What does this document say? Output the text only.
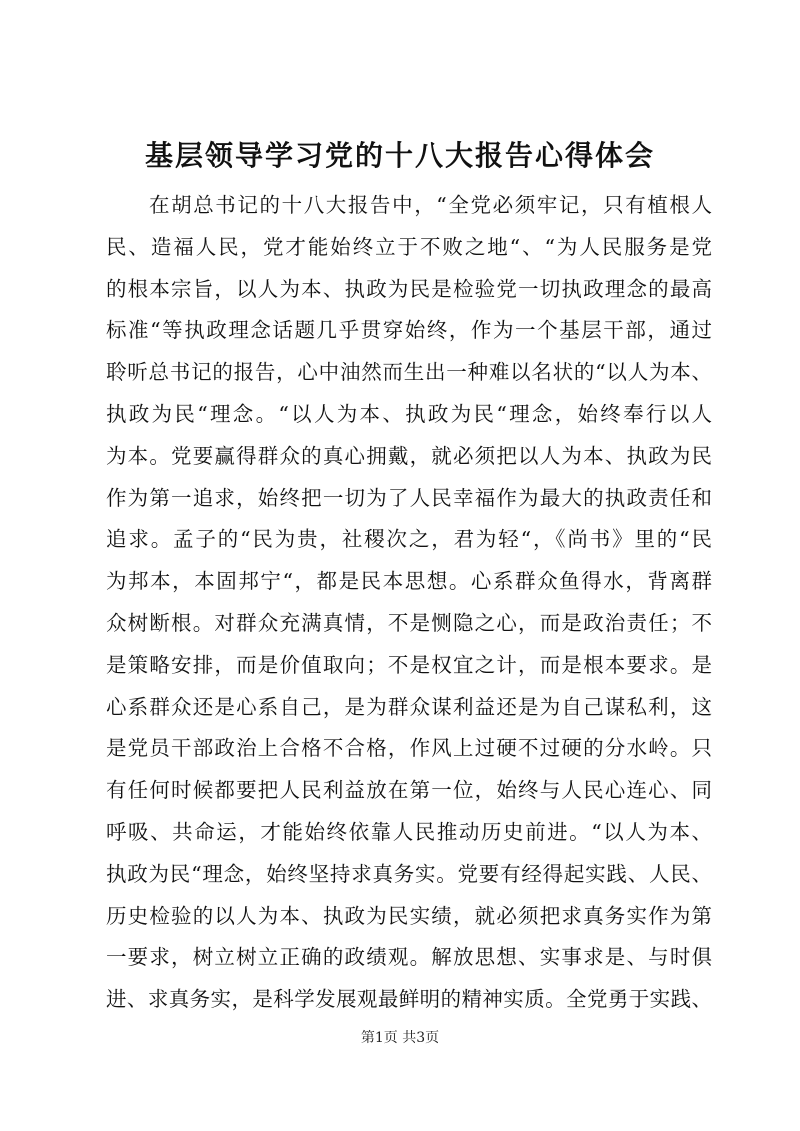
基层领导学习党的十八大报告心得体会
在胡总书记的十八大报告中，“全党必须牢记，只有植根人
民、造福人民，党才能始终立于不败之地“、“为人民服务是党
的根本宗旨，以人为本、执政为民是检验党一切执政理念的最高
标准“等执政理念话题几乎贯穿始终，作为一个基层干部，通过
聆听总书记的报告，心中油然而生出一种难以名状的“以人为本、
执政为民“理念。“以人为本、执政为民“理念，始终奉行以人
为本。党要赢得群众的真心拥戴，就必须把以人为本、执政为民
作为第一追求，始终把一切为了人民幸福作为最大的执政责任和
追求。孟子的“民为贵，社稷次之，君为轻“，《尚书》里的“民
为邦本，本固邦宁“，都是民本思想。心系群众鱼得水，背离群
众树断根。对群众充满真情，不是恻隐之心，而是政治责任；不
是策略安排，而是价值取向；不是权宜之计，而是根本要求。是
心系群众还是心系自己，是为群众谋利益还是为自己谋私利，这
是党员干部政治上合格不合格，作风上过硬不过硬的分水岭。只
有任何时候都要把人民利益放在第一位，始终与人民心连心、同
呼吸、共命运，才能始终依靠人民推动历史前进。“以人为本、
执政为民“理念，始终坚持求真务实。党要有经得起实践、人民、
历史检验的以人为本、执政为民实绩，就必须把求真务实作为第
一要求，树立树立正确的政绩观。解放思想、实事求是、与时俱
进、求真务实，是科学发展观最鲜明的精神实质。全党勇于实践、
第1页 共3页
